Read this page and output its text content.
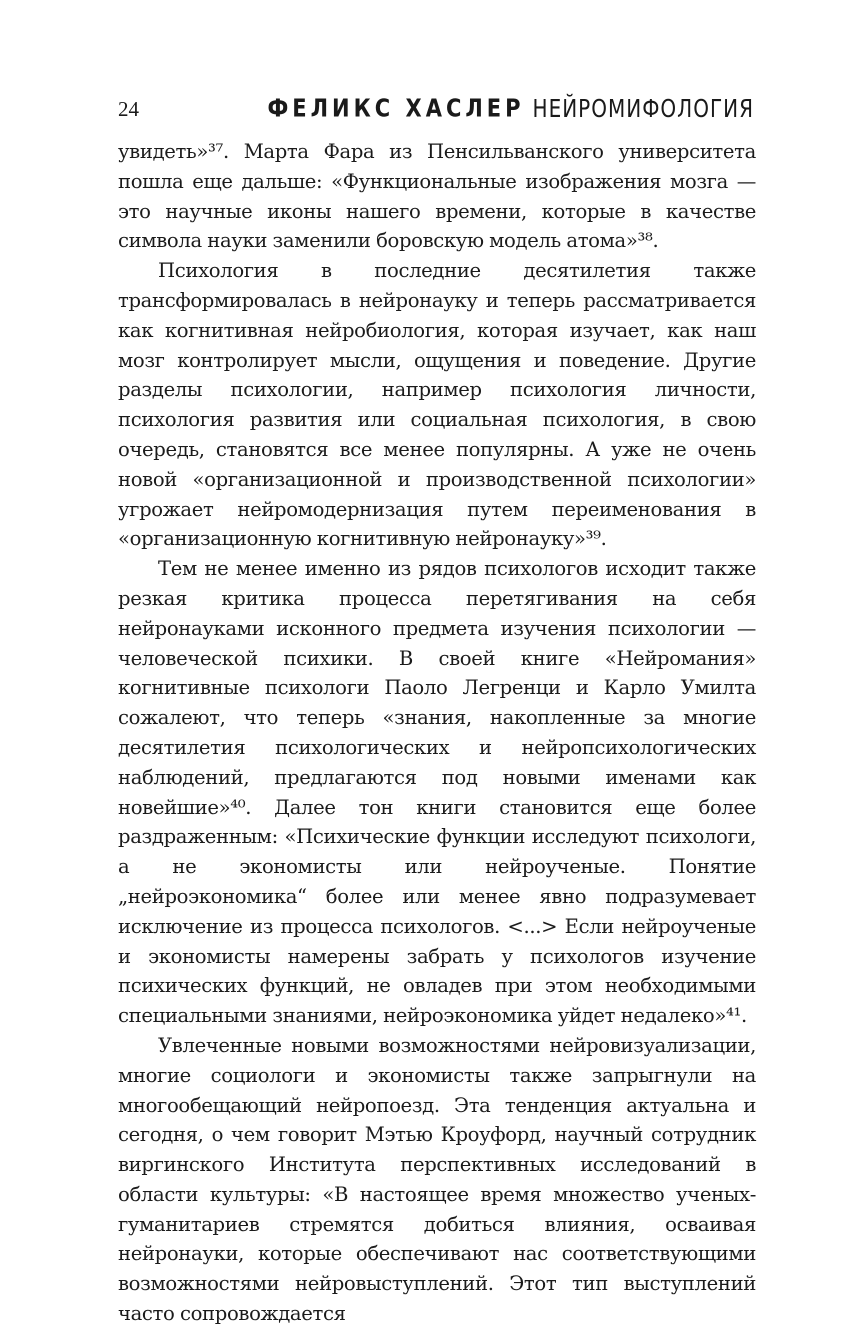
24	ФЕЛИКС ХАСЛЕР НЕЙРОМИФОЛОГИЯ

увидеть»³⁷. Марта Фара из Пенсильванского университета пошла еще дальше: «Функциональные изображения мозга — это научные иконы нашего времени, которые в качестве символа науки заменили боровскую модель атома»³⁸.

Психология в последние десятилетия также трансформировалась в нейронауку и теперь рассматривается как когнитивная нейробиология, которая изучает, как наш мозг контролирует мысли, ощущения и поведение. Другие разделы психологии, например психология личности, психология развития или социальная психология, в свою очередь, становятся все менее популярны. А уже не очень новой «организационной и производственной психологии» угрожает нейромодернизация путем переименования в «организационную когнитивную нейронауку»³⁹.

Тем не менее именно из рядов психологов исходит также резкая критика процесса перетягивания на себя нейронауками исконного предмета изучения психологии — человеческой психики. В своей книге «Нейромания» когнитивные психологи Паоло Легренци и Карло Умилта сожалеют, что теперь «знания, накопленные за многие десятилетия психологических и нейропсихологических наблюдений, предлагаются под новыми именами как новейшие»⁴⁰. Далее тон книги становится еще более раздраженным: «Психические функции исследуют психологи, а не экономисты или нейроученые. Понятие „нейроэкономика“ более или менее явно подразумевает исключение из процесса психологов. <...> Если нейроученые и экономисты намерены забрать у психологов изучение психических функций, не овладев при этом необходимыми специальными знаниями, нейроэкономика уйдет недалеко»⁴¹.

Увлеченные новыми возможностями нейровизуализации, многие социологи и экономисты также запрыгнули на многообещающий нейропоезд. Эта тенденция актуальна и сегодня, о чем говорит Мэтью Кроуфорд, научный сотрудник виргинского Института перспективных исследований в области культуры: «В настоящее время множество ученых-гуманитариев стремятся добиться влияния, осваивая нейронауки, которые обеспечивают нас соответствующими возможностями нейровыступлений. Этот тип выступлений часто сопровождается
